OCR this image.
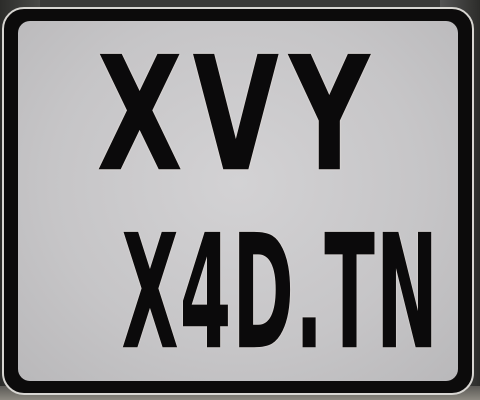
XVY
X4D.TN
